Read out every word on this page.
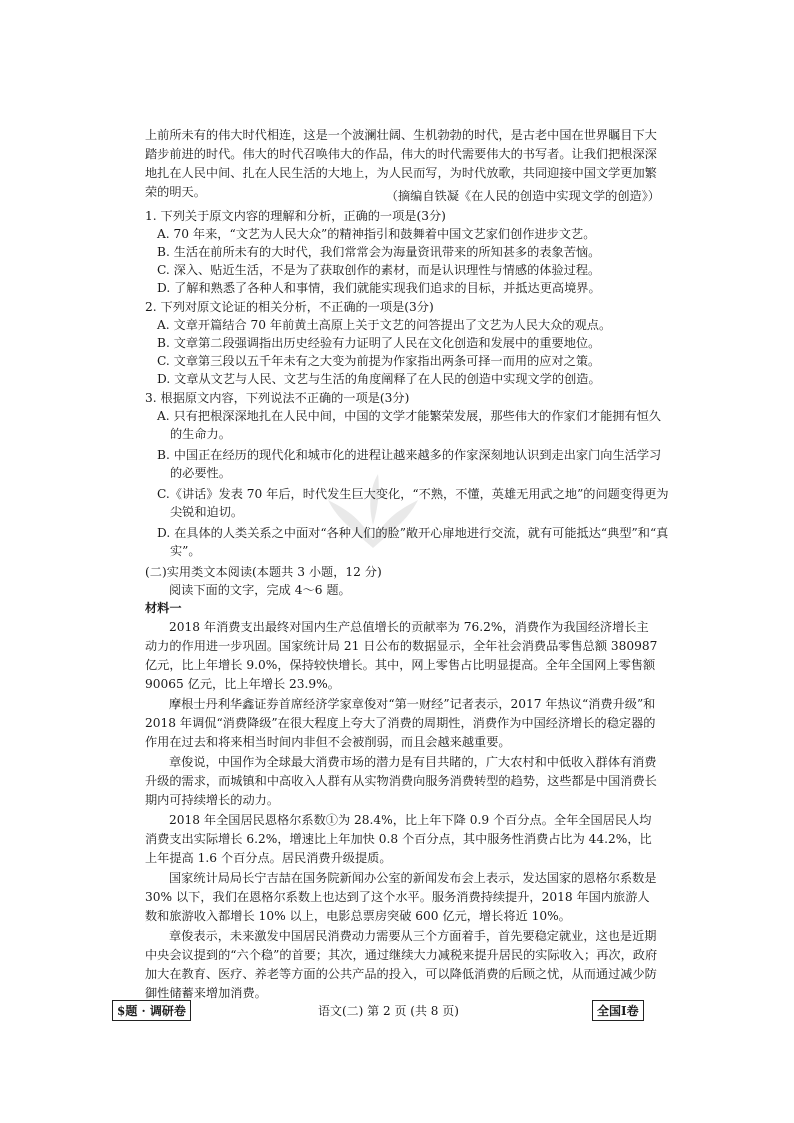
上前所未有的伟大时代相连，这是一个波澜壮阔、生机勃勃的时代，是古老中国在世界瞩目下大踏步前进的时代。伟大的时代召唤伟大的作品，伟大的时代需要伟大的书写者。让我们把根深深地扎在人民中间、扎在人民生活的大地上，为人民而写，为时代放歌，共同迎接中国文学更加繁荣的明天。	（摘编自铁凝《在人民的创造中实现文学的创造》）

1. 下列关于原文内容的理解和分析，正确的一项是(3分)

A. 70 年来，“文艺为人民大众”的精神指引和鼓舞着中国文艺家们创作进步文艺。

B. 生活在前所未有的大时代，我们常常会为海量资讯带来的所知甚多的表象苦恼。

C. 深入、贴近生活，不是为了获取创作的素材，而是认识理性与情感的体验过程。

D. 了解和熟悉了各种人和事情，我们就能实现我们追求的目标，并抵达更高境界。

2. 下列对原文论证的相关分析，不正确的一项是(3分)

A. 文章开篇结合 70 年前黄土高原上关于文艺的问答提出了文艺为人民大众的观点。

B. 文章第二段强调指出历史经验有力证明了人民在文化创造和发展中的重要地位。

C. 文章第三段以五千年未有之大变为前提为作家指出两条可择一而用的应对之策。

D. 文章从文艺与人民、文艺与生活的角度阐释了在人民的创造中实现文学的创造。

3. 根据原文内容，下列说法不正确的一项是(3分)

A. 只有把根深深地扎在人民中间，中国的文学才能繁荣发展，那些伟大的作家们才能拥有恒久的生命力。

B. 中国正在经历的现代化和城市化的进程让越来越多的作家深刻地认识到走出家门向生活学习的必要性。

C.《讲话》发表 70 年后，时代发生巨大变化，“不熟，不懂，英雄无用武之地”的问题变得更为尖锐和迫切。

D. 在具体的人类关系之中面对“各种人们的脸”敞开心扉地进行交流，就有可能抵达“典型”和“真实”。

(二)实用类文本阅读(本题共 3 小题，12 分)

阅读下面的文字，完成 4～6 题。

材料一

2018 年消费支出最终对国内生产总值增长的贡献率为 76.2%，消费作为我国经济增长主动力的作用进一步巩固。国家统计局 21 日公布的数据显示，全年社会消费品零售总额 380987 亿元，比上年增长 9.0%，保持较快增长。其中，网上零售占比明显提高。全年全国网上零售额 90065 亿元，比上年增长 23.9%。

摩根士丹利华鑫证券首席经济学家章俊对“第一财经”记者表示，2017 年热议“消费升级”和 2018 年调侃“消费降级”在很大程度上夸大了消费的周期性，消费作为中国经济增长的稳定器的作用在过去和将来相当时间内非但不会被削弱，而且会越来越重要。

章俊说，中国作为全球最大消费市场的潜力是有目共睹的，广大农村和中低收入群体有消费升级的需求，而城镇和中高收入人群有从实物消费向服务消费转型的趋势，这些都是中国消费长期内可持续增长的动力。

2018 年全国居民恩格尔系数①为 28.4%，比上年下降 0.9 个百分点。全年全国居民人均消费支出实际增长 6.2%，增速比上年加快 0.8 个百分点，其中服务性消费占比为 44.2%，比上年提高 1.6 个百分点。居民消费升级提质。

国家统计局局长宁吉喆在国务院新闻办公室的新闻发布会上表示，发达国家的恩格尔系数是 30% 以下，我们在恩格尔系数上也达到了这个水平。服务消费持续提升，2018 年国内旅游人数和旅游收入都增长 10% 以上，电影总票房突破 600 亿元，增长将近 10%。

章俊表示，未来激发中国居民消费动力需要从三个方面着手，首先要稳定就业，这也是近期中央会议提到的“六个稳”的首要；其次，通过继续大力减税来提升居民的实际收入；再次，政府加大在教育、医疗、养老等方面的公共产品的投入，可以降低消费的后顾之忧，从而通过减少防御性储蓄来增加消费。

$题 · 调研卷	语文(二) 第 2 页 (共 8 页)	全国Ⅰ卷
